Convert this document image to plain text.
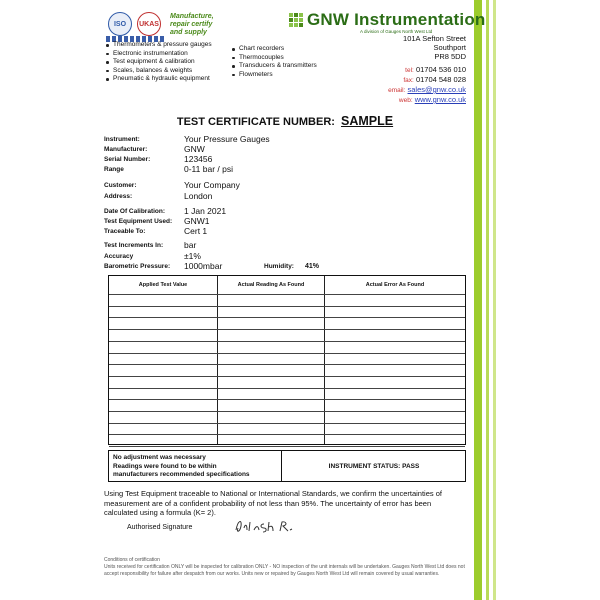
ISO	UKAS
Manufacture,
repair certify
and supply
GNW Instrumentation
A division of Gauges North West Ltd
Thermometers & pressure gauges
Electronic instrumentation
Test equipment & calibration
Scales, balances & weights
Pneumatic & hydraulic equipment
Chart recorders
Thermocouples
Transducers & transmitters
Flowmeters
101A Sefton Street
Southport
PR8 5DD
tel: 01704 536 010
fax: 01704 548 028
email: sales@gnw.co.uk
web: www.gnw.co.uk
TEST CERTIFICATE NUMBER: SAMPLE
Instrument:	Your Pressure Gauges
Manufacturer:	GNW
Serial Number:	123456
Range	0-11 bar / psi
Customer:	Your Company
Address:	London
Date Of Calibration: 1 Jan 2021
Test Equipment Used: GNW1
Traceable To:	Cert 1
Test Increments In: bar
Accuracy	±1%
Barometric Pressure: 1000mbar	Humidity: 41%
Applied Test Value	Actual Reading As Found	Actual Error As Found
No adjustment was necessary
Readings were found to be within
manufacturers recommended specifications
INSTRUMENT STATUS: PASS
Using Test Equipment traceable to National or International Standards, we confirm the uncertainties of measurement are of a confident probability of not less than 95%. The uncertainty of error has been calculated using a formula (K= 2).
Authorised Signature
Conditions of certification
Units received for certification ONLY will be inspected for calibration ONLY - NO inspection of the unit internals will be undertaken. Gauges North West Ltd does not accept responsibility for failure after despatch from our works. Units new or repaired by Gauges North West Ltd will remain covered by usual warranties.
